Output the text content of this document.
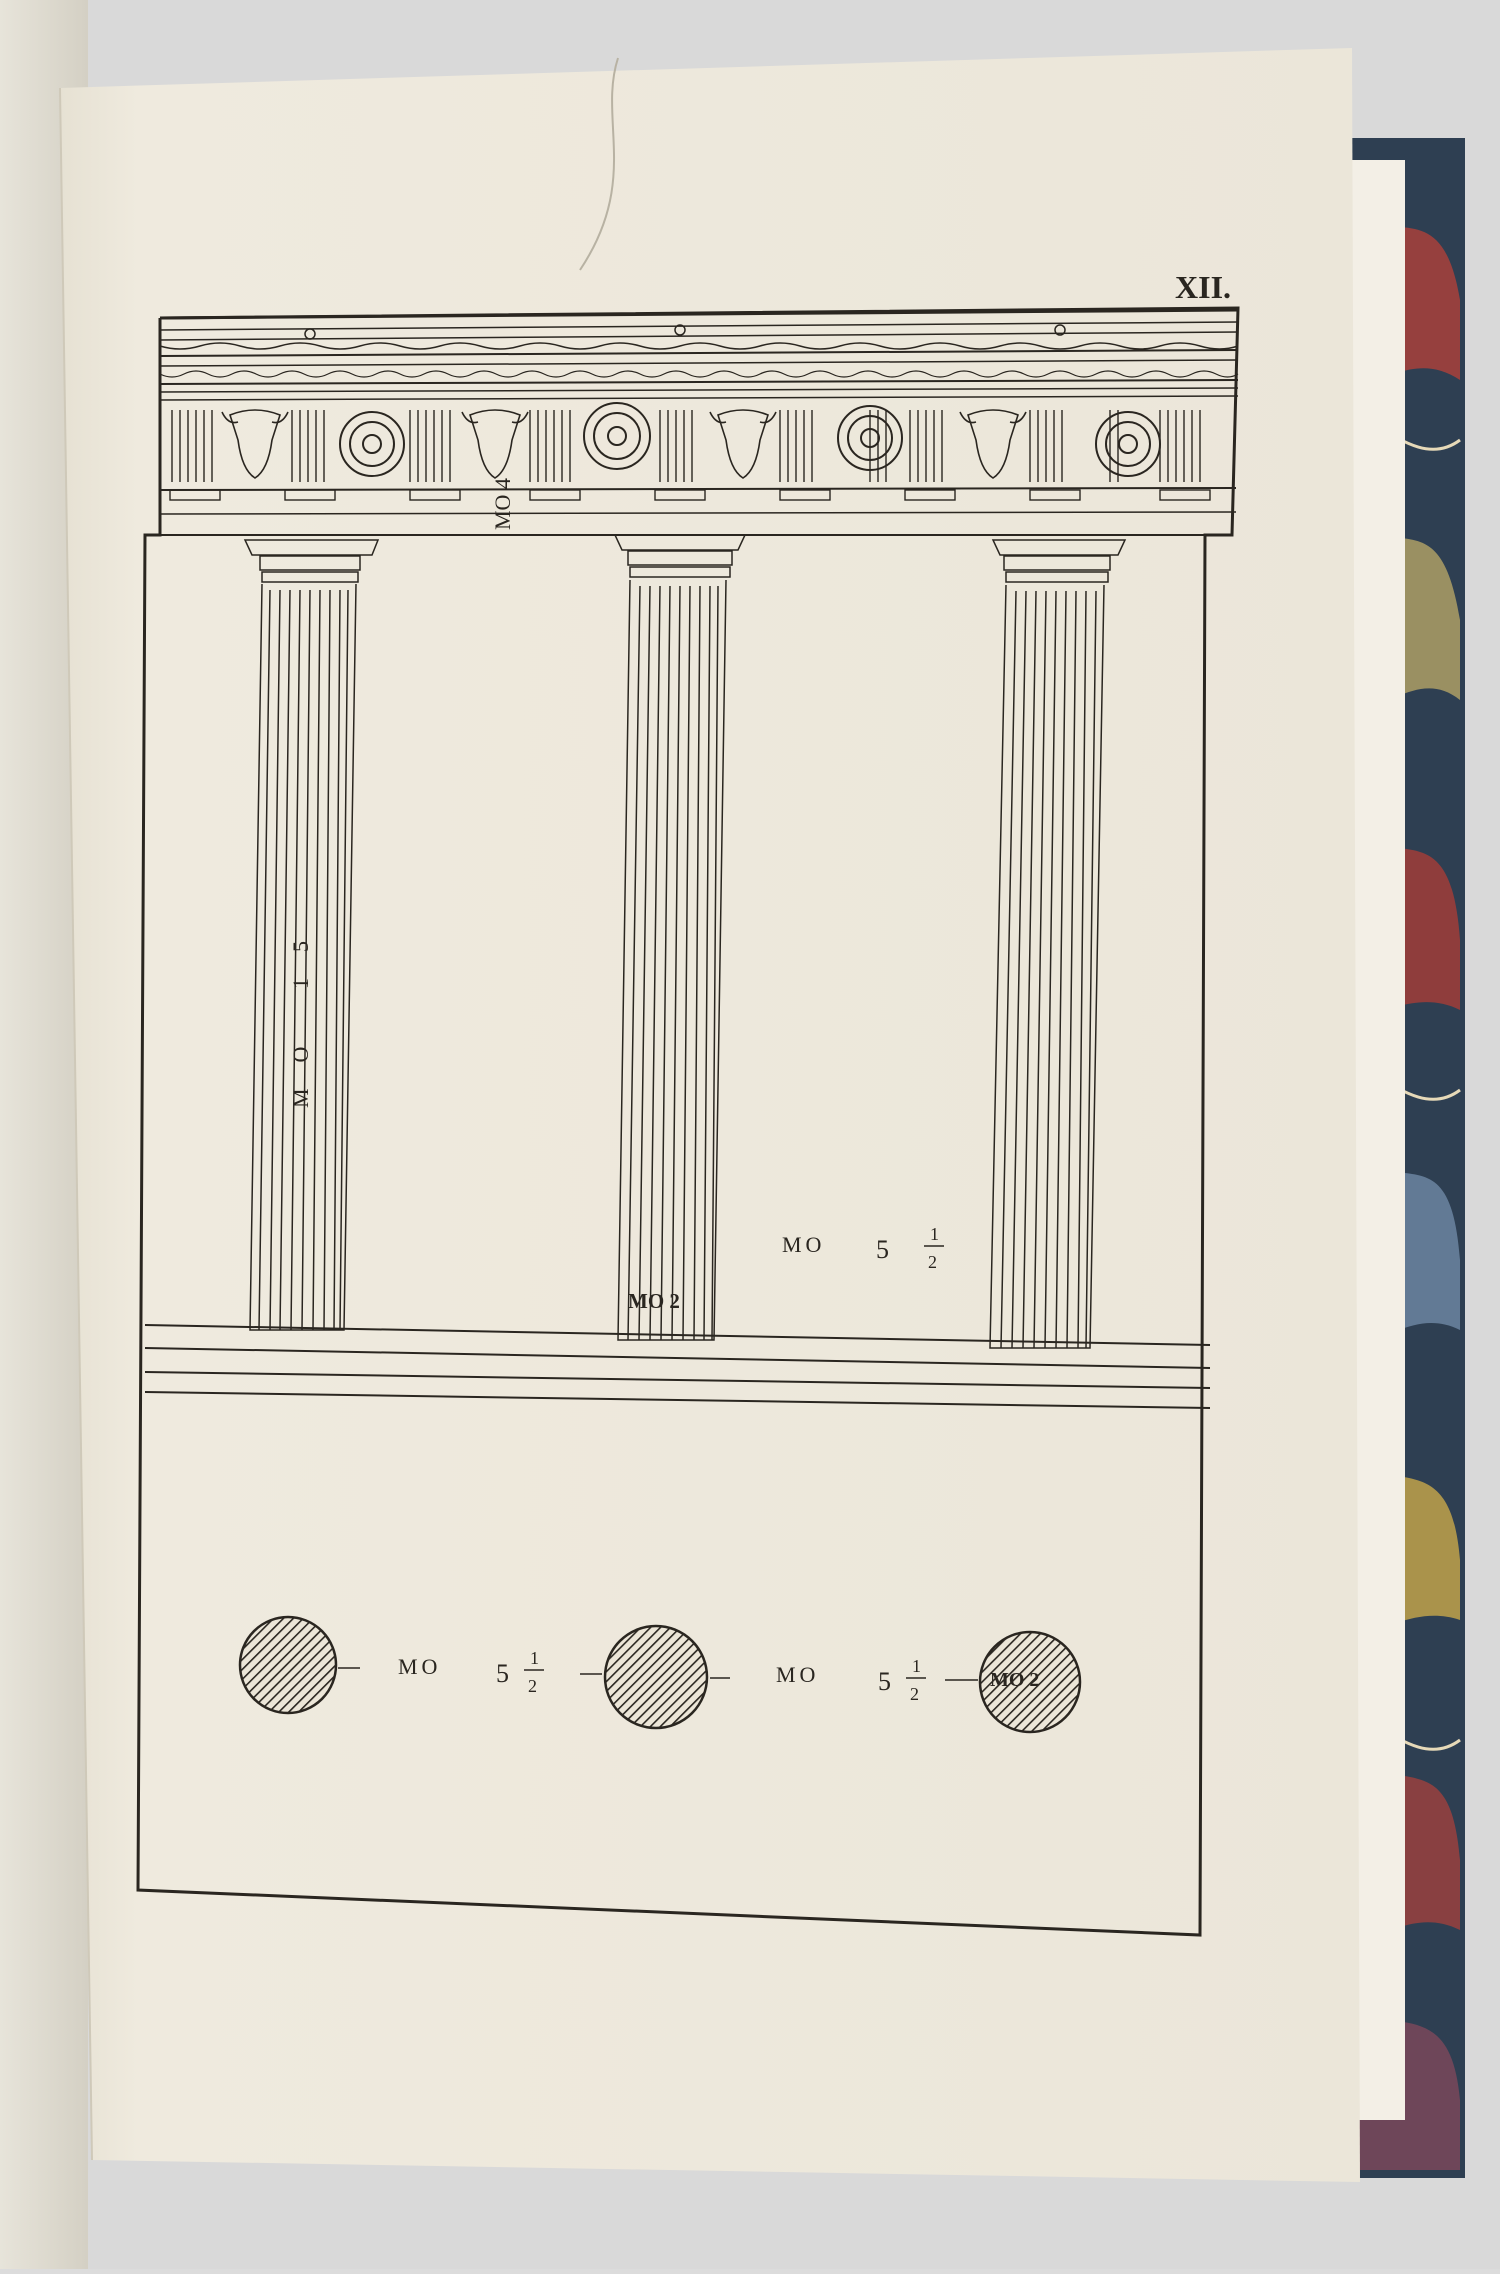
XII.
MO 4
MO 15
MO 2
MO 5
1
2
MO 5
1
2	MO 5
1
2
MO 2
